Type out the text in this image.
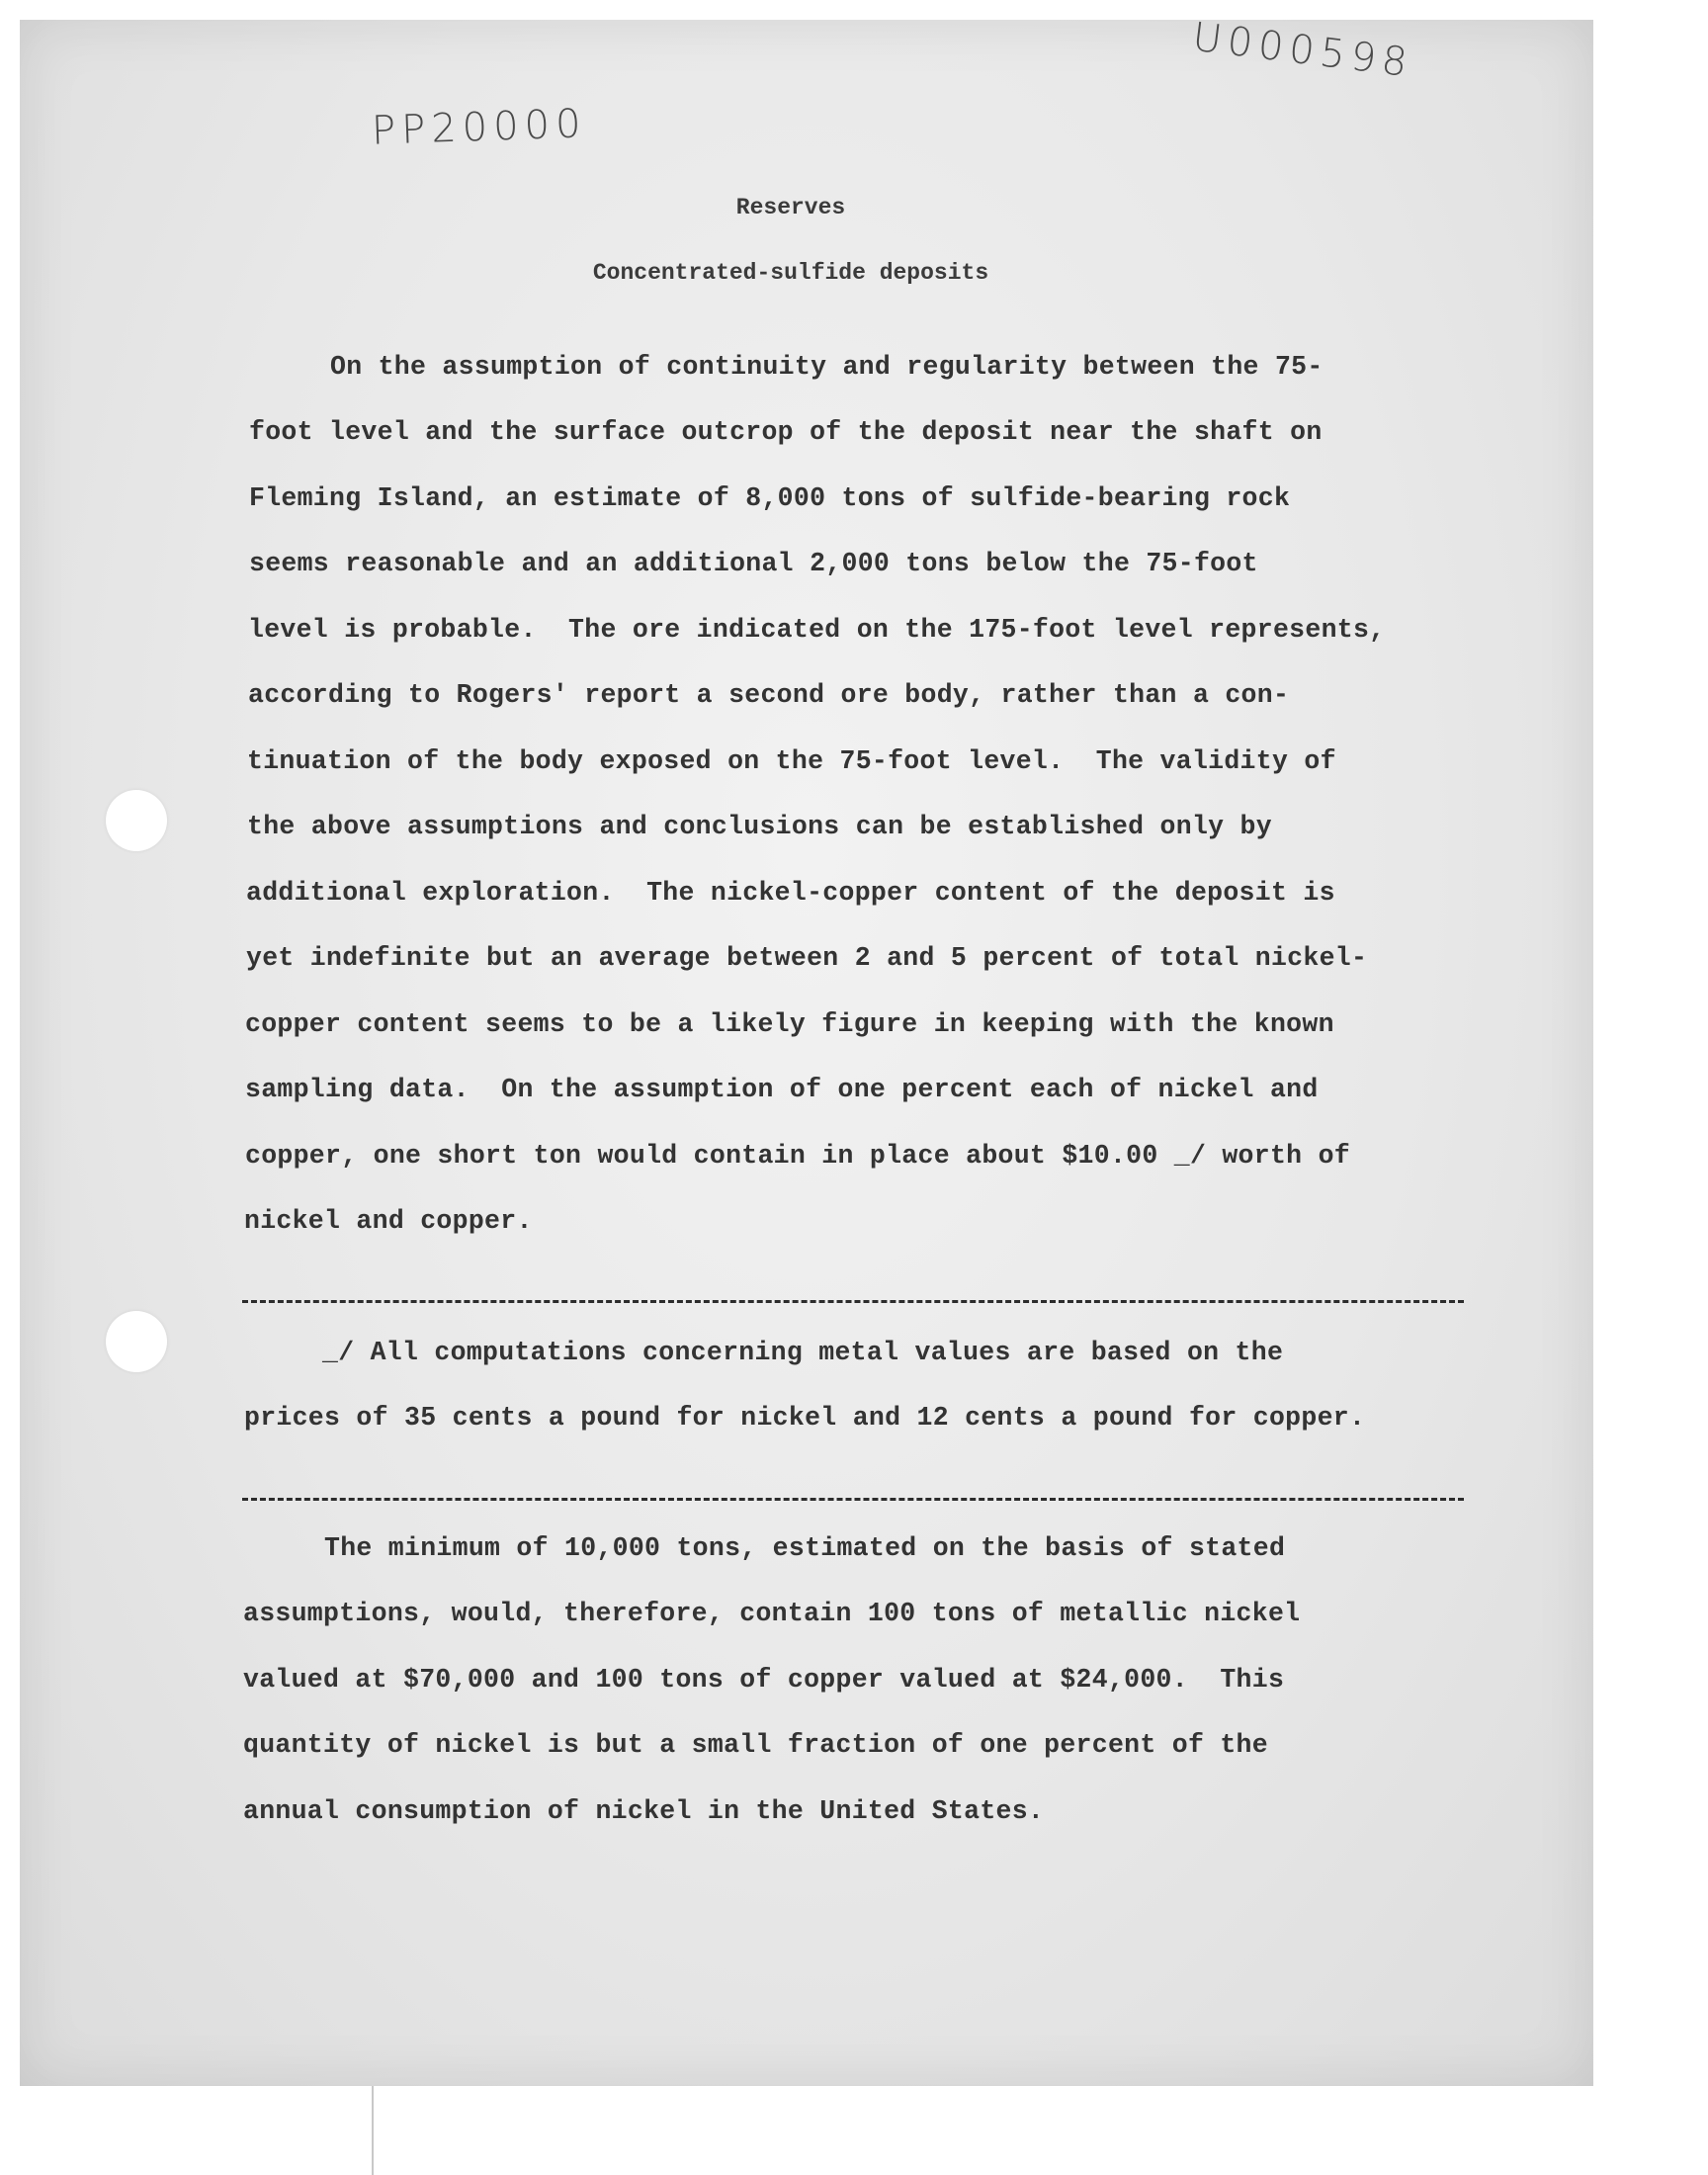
U000598
PP20000
Reserves
Concentrated-sulfide deposits

On the assumption of continuity and regularity between the 75-

foot level and the surface outcrop of the deposit near the shaft on

Fleming Island, an estimate of 8,000 tons of sulfide-bearing rock

seems reasonable and an additional 2,000 tons below the 75-foot

level is probable.  The ore indicated on the 175-foot level represents,

according to Rogers' report a second ore body, rather than a con-

tinuation of the body exposed on the 75-foot level.  The validity of

the above assumptions and conclusions can be established only by

additional exploration.  The nickel-copper content of the deposit is

yet indefinite but an average between 2 and 5 percent of total nickel-

copper content seems to be a likely figure in keeping with the known

sampling data.  On the assumption of one percent each of nickel and

copper, one short ton would contain in place about $10.00 _/ worth of

nickel and copper.

_/ All computations concerning metal values are based on the

prices of 35 cents a pound for nickel and 12 cents a pound for copper.

The minimum of 10,000 tons, estimated on the basis of stated

assumptions, would, therefore, contain 100 tons of metallic nickel

valued at $70,000 and 100 tons of copper valued at $24,000.  This

quantity of nickel is but a small fraction of one percent of the

annual consumption of nickel in the United States.
